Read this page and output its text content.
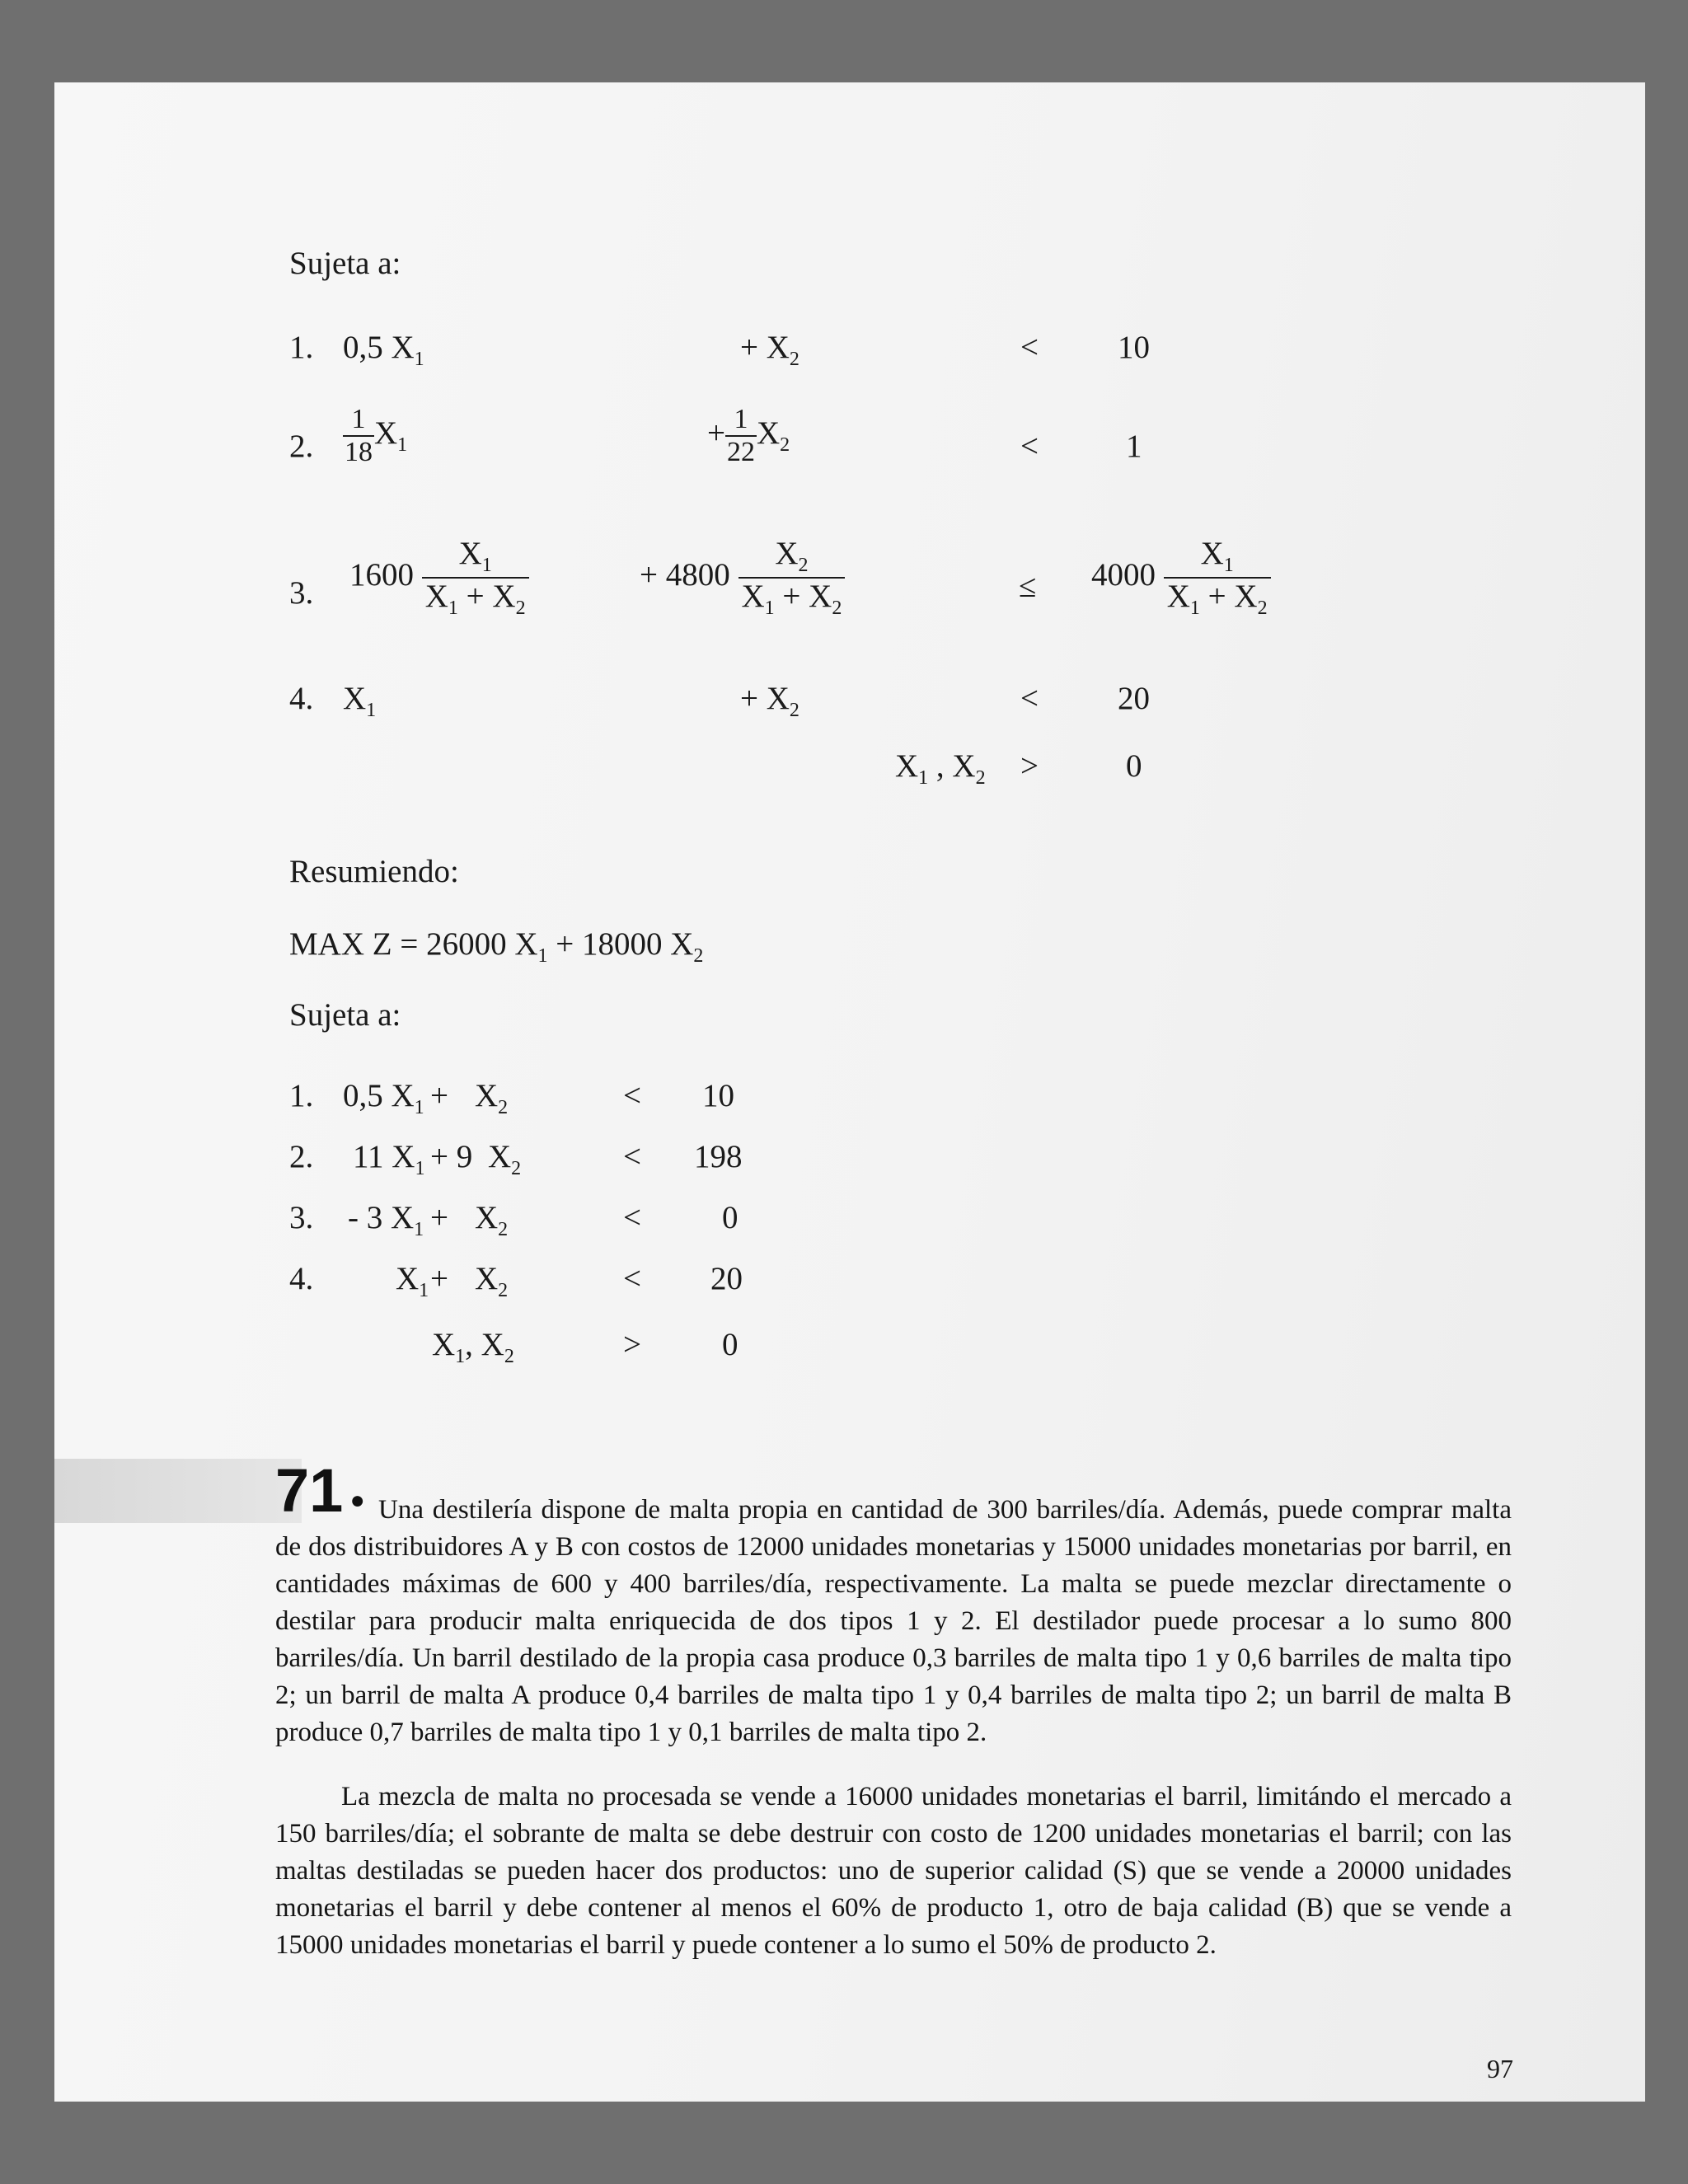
Sujeta a:
1. 0,5 $X_1$	+ $X_2$	< 10
2. $\frac{1}{18} X_1$	+ $\frac{1}{22} X_2$	<	1
3.
$1600 \frac{X_1}{X_1 + X_2}$	+ $4800 \frac{X_2}{X_1 + X_2}$	≤ $4000 \frac{X_1}{X_1 + X_2}$
4. $X_1$	+ $X_2$	< 20
$X_1$ , $X_2$ >	0
Resumiendo:
MAX Z = 26000 $X_1 + 18000$ $X_2$
Sujeta a:
1. 0,5 $X_1 + X_2$	< 10
2. 11 $X_1 + 9$ $X_2$	< 198
3. - 3 $X_1 + X_2$	<	0
4.	$X_1 + X_2$	< 20
$X_1$, $X_2$	>	0
71 ● Una destilería dispone de malta propia en cantidad de 300 barriles/día. Además, puede comprar malta de dos distribuidores A y B con costos de 12000 unidades monetarias y 15000 unidades monetarias por barril, en cantidades máximas de 600 y 400 barriles/día, respectivamente. La malta se puede mezclar directamente o destilar para producir malta enriquecida de dos tipos 1 y 2. El destilador puede procesar a lo sumo 800 barriles/día. Un barril destilado de la propia casa produce 0,3 barriles de malta tipo 1 y 0,6 barriles de malta tipo 2; un barril de malta A produce 0,4 barriles de malta tipo 1 y 0,4 barriles de malta tipo 2; un barril de malta B produce 0,7 barriles de malta tipo 1 y 0,1 barriles de malta tipo 2.
La mezcla de malta no procesada se vende a 16000 unidades monetarias el barril, limitándo el mercado a 150 barriles/día; el sobrante de malta se debe destruir con costo de 1200 unidades monetarias el barril; con las maltas destiladas se pueden hacer dos productos: uno de superior calidad (S) que se vende a 20000 unidades monetarias el barril y debe contener al menos el 60% de producto 1, otro de baja calidad (B) que se vende a 15000 unidades monetarias el barril y puede contener a lo sumo el 50% de producto 2.
97
